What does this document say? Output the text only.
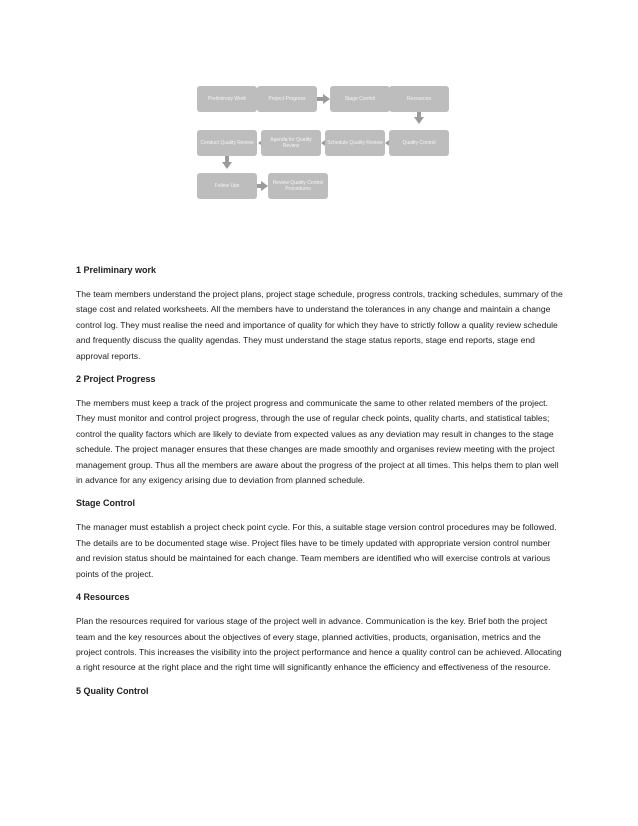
Preliminary Work	Project Progress	Stage Control	Resources
Conduct Quality Review	Agenda for Quality Review	Schedule Quality Review	Quality Control
Follow Ups	Review Quality Control Procedures
1 Preliminary work

The team members understand the project plans, project stage schedule, progress controls, tracking schedules, summary of the stage cost and related worksheets. All the members have to understand the tolerances in any change and maintain a change control log. They must realise the need and importance of quality for which they have to strictly follow a quality review schedule and frequently discuss the quality agendas. They must understand the stage status reports, stage end reports, stage end approval reports.

2 Project Progress

The members must keep a track of the project progress and communicate the same to other related members of the project. They must monitor and control project progress, through the use of regular check points, quality charts, and statistical tables; control the quality factors which are likely to deviate from expected values as any deviation may result in changes to the stage schedule. The project manager ensures that these changes are made smoothly and organises review meeting with the project management group. Thus all the members are aware about the progress of the project at all times. This helps them to plan well in advance for any exigency arising due to deviation from planned schedule.

Stage Control

The manager must establish a project check point cycle. For this, a suitable stage version control procedures may be followed. The details are to be documented stage wise. Project files have to be timely updated with appropriate version control number and revision status should be maintained for each change. Team members are identified who will exercise controls at various points of the project.

4 Resources

Plan the resources required for various stage of the project well in advance. Communication is the key. Brief both the project team and the key resources about the objectives of every stage, planned activities, products, organisation, metrics and the project controls. This increases the visibility into the project performance and hence a quality control can be achieved. Allocating a right resource at the right place and the right time will significantly enhance the efficiency and effectiveness of the resource.

5 Quality Control
